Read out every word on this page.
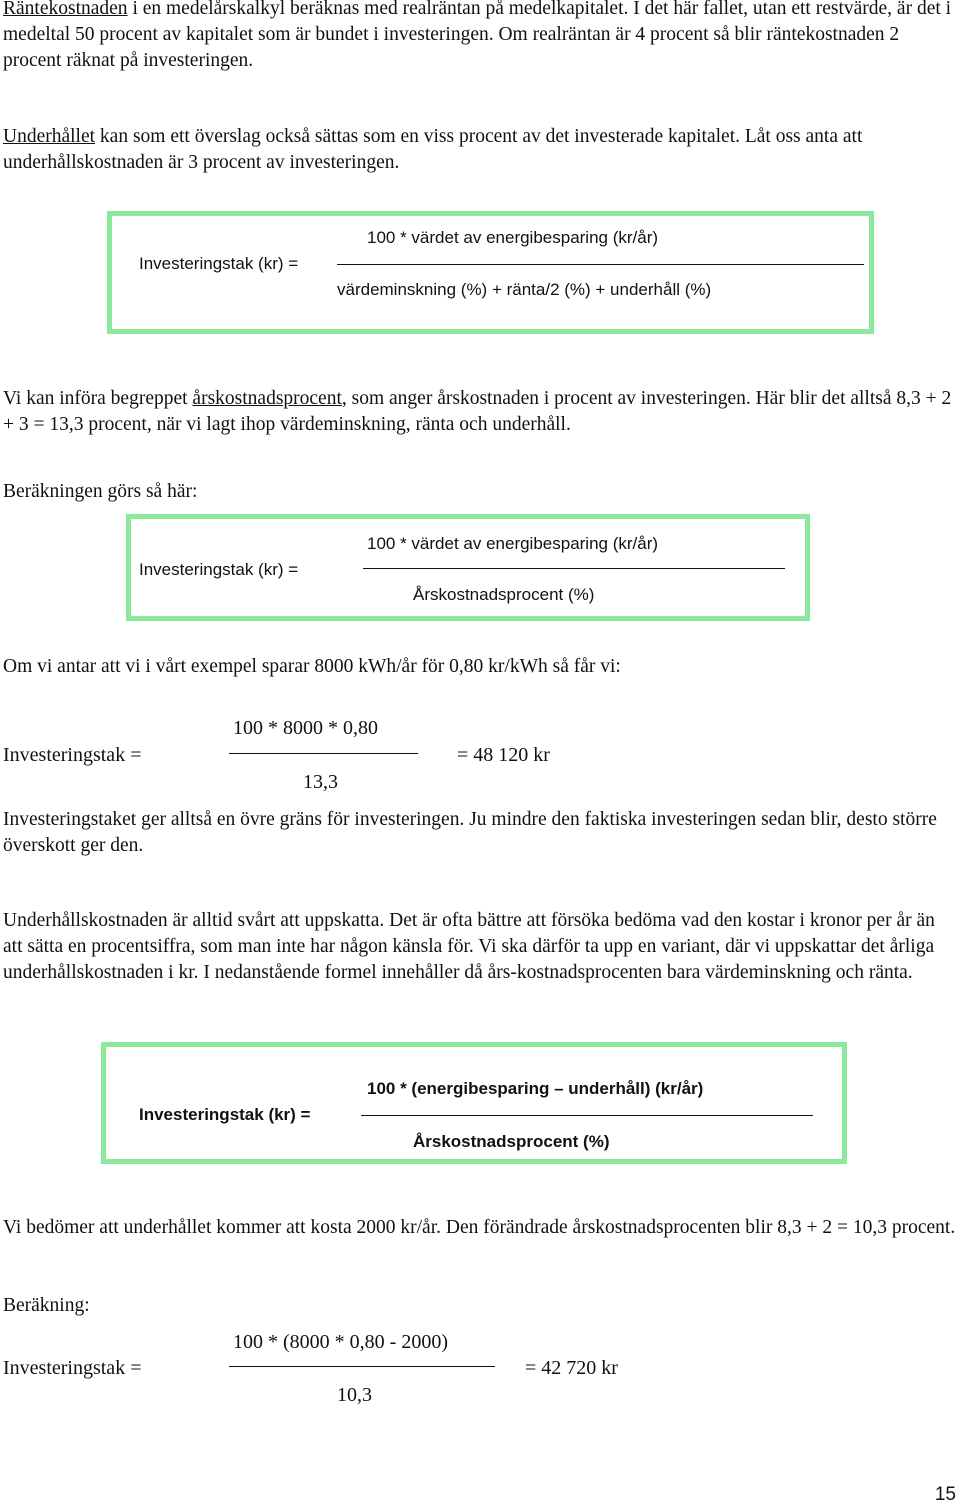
Räntekostnaden i en medelårskalkyl beräknas med realräntan på medelkapitalet. I det här fallet, utan ett restvärde, är det i medeltal 50 procent av kapitalet som är bundet i investeringen. Om realräntan är 4 procent så blir räntekostnaden 2 procent räknat på investeringen.

Underhållet kan som ett överslag också sättas som en viss procent av det investerade kapitalet. Låt oss anta att underhållskostnaden är 3 procent av investeringen.

Investeringstak (kr) =
100 * värdet av energibesparing (kr/år)
värdeminskning (%) + ränta/2 (%) + underhåll (%)

Vi kan införa begreppet årskostnadsprocent, som anger årskostnaden i procent av investeringen. Här blir det alltså 8,3 + 2 + 3 = 13,3 procent, när vi lagt ihop värdeminskning, ränta och underhåll.

Beräkningen görs så här:

Investeringstak (kr) =
100 * värdet av energibesparing (kr/år)
Årskostnadsprocent (%)

Om vi antar att vi i vårt exempel sparar 8000 kWh/år för 0,80 kr/kWh så får vi:

Investeringstak =
100 * 8000 * 0,80
13,3
= 48 120 kr

Investeringstaket ger alltså en övre gräns för investeringen. Ju mindre den faktiska investeringen sedan blir, desto större överskott ger den.

Underhållskostnaden är alltid svårt att uppskatta. Det är ofta bättre att försöka bedöma vad den kostar i kronor per år än att sätta en procentsiffra, som man inte har någon känsla för. Vi ska därför ta upp en variant, där vi uppskattar det årliga underhållskostnaden i kr. I nedanstående formel innehåller då års-kostnadsprocenten bara värdeminskning och ränta.

Investeringstak (kr) =
100 * (energibesparing – underhåll) (kr/år)
Årskostnadsprocent (%)

Vi bedömer att underhållet kommer att kosta 2000 kr/år. Den förändrade årskostnadsprocenten blir 8,3 + 2 = 10,3 procent.

Beräkning:

Investeringstak =
100 * (8000 * 0,80 - 2000)
10,3
= 42 720 kr
15
